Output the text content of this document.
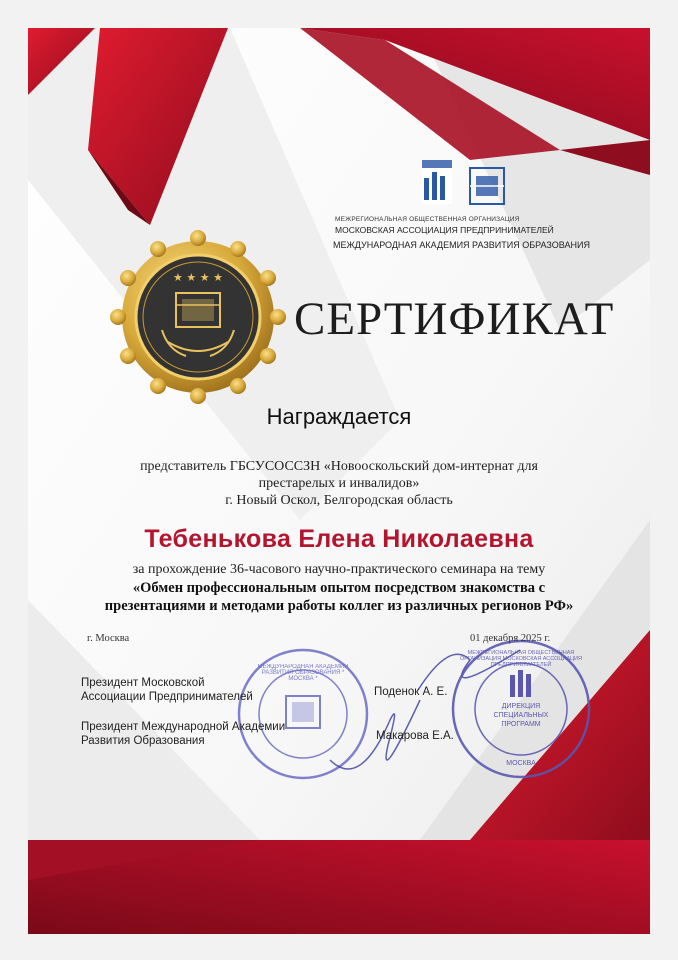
★ ★ ★ ★
МЕЖДУНАРОДНАЯ АКАДЕМИЯ РАЗВИТИЯ ОБРАЗОВАНИЯ * МОСКВА *
МЕЖРЕГИОНАЛЬНАЯ ОБЩЕСТВЕННАЯ ОРГАНИЗАЦИЯ МОСКОВСКАЯ АССОЦИАЦИЯ ПРЕДПРИНИМАТЕЛЕЙ
ДИРЕКЦИЯ
СПЕЦИАЛЬНЫХ
ПРОГРАММ
МОСКВА
МЕЖРЕГИОНАЛЬНАЯ ОБЩЕСТВЕННАЯ ОРГАНИЗАЦИЯ
МОСКОВСКАЯ АССОЦИАЦИЯ ПРЕДПРИНИМАТЕЛЕЙ
МЕЖДУНАРОДНАЯ АКАДЕМИЯ РАЗВИТИЯ ОБРАЗОВАНИЯ
СЕРТИФИКАТ
Награждается
представитель ГБСУСОССЗН «Новооскольский дом-интернат для
престарелых и инвалидов»
г. Новый Оскол, Белгородская область
Тебенькова Елена Николаевна
за прохождение 36-часового научно-практического семинара на тему
«Обмен профессиональным опытом посредством знакомства с
презентациями и методами работы коллег из различных регионов РФ»
г. Москва	01 декабря 2025 г.
Президент Московской
Ассоциации Предпринимателей	Поденок А. Е.
Президент Международной Академии
Развития Образования	Макарова Е.А.
